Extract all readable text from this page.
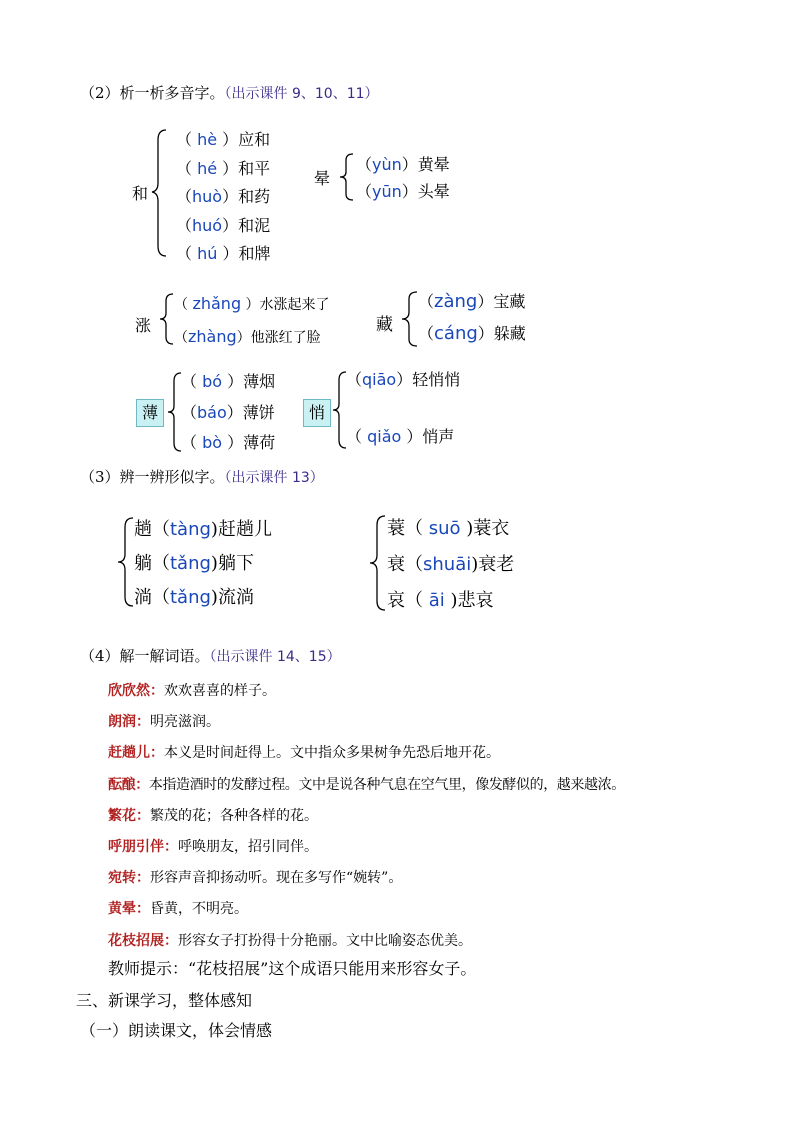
（2）析一析多音字。（出示课件 9、10、11）
和
（ hè ）应和
（ hé ）和平
（huò）和药
（huó）和泥
（ hú ）和牌
晕
（yùn）黄晕
（yūn）头晕
涨
（ zhǎng ）水涨起来了
（zhàng）他涨红了脸
藏
（zàng）宝藏
（cáng）躲藏
薄
（ bó ）薄烟
（báo）薄饼
（ bò ）薄荷
悄
（qiāo）轻悄悄
（ qiǎo ）悄声
（3）辨一辨形似字。（出示课件 13）
趟（tàng)赶趟儿
躺（tǎng)躺下
淌（tǎng)流淌
蓑（ suō )蓑衣
衰（shuāi)衰老
哀（ āi )悲哀
（4）解一解词语。（出示课件 14、15）
欣欣然：欢欢喜喜的样子。
朗润：明亮滋润。
赶趟儿：本义是时间赶得上。文中指众多果树争先恐后地开花。
酝酿：本指造酒时的发酵过程。文中是说各种气息在空气里，像发酵似的，越来越浓。
繁花：繁茂的花；各种各样的花。
呼朋引伴：呼唤朋友，招引同伴。
宛转：形容声音抑扬动听。现在多写作“婉转”。
黄晕：昏黄，不明亮。
花枝招展：形容女子打扮得十分艳丽。文中比喻姿态优美。
教师提示：“花枝招展”这个成语只能用来形容女子。
三、新课学习，整体感知
（一）朗读课文，体会情感
